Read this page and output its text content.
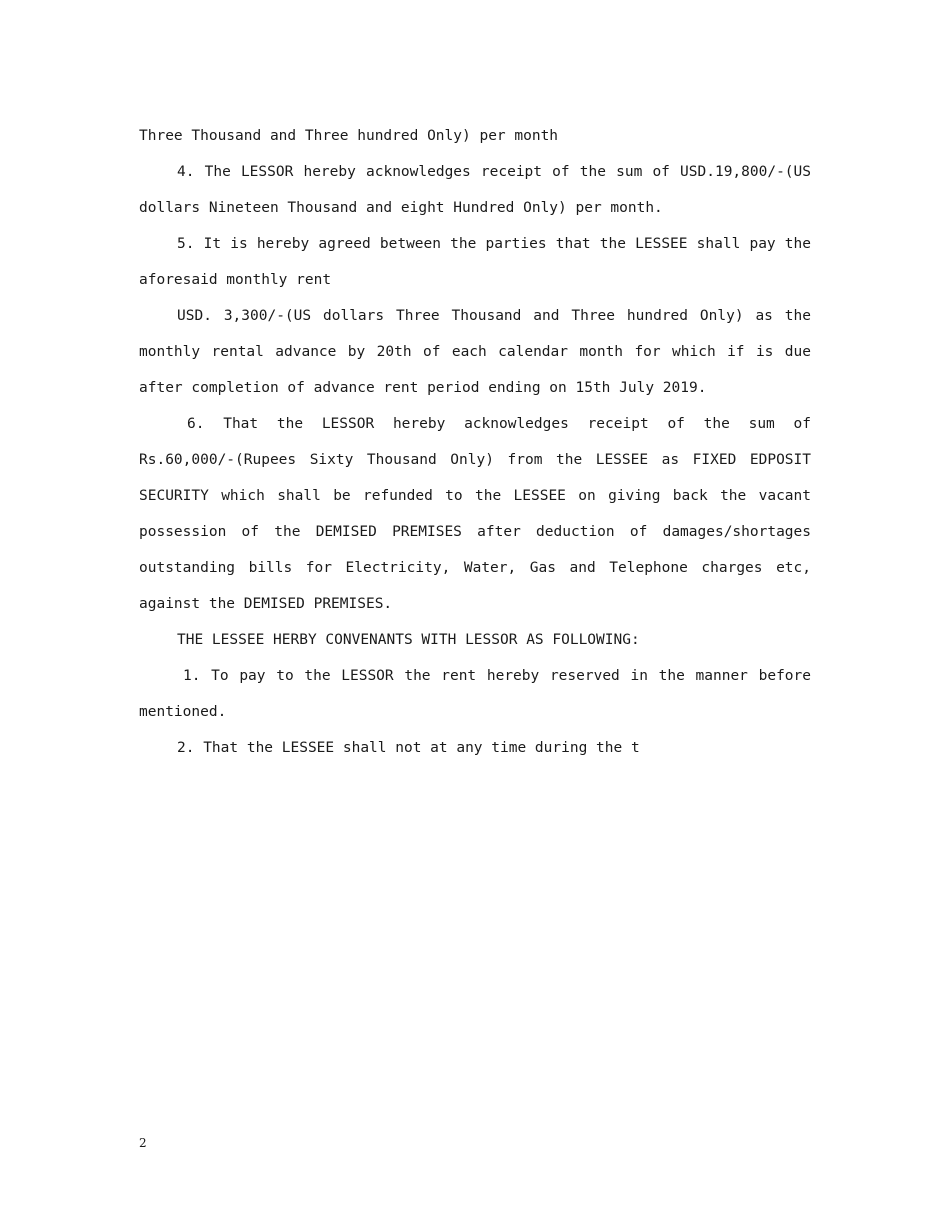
Three Thousand and Three hundred Only) per month

4. The LESSOR hereby acknowledges receipt of the sum of USD.19,800/-(US dollars Nineteen Thousand and eight Hundred Only) per month.

5. It is hereby agreed between the parties that the LESSEE shall pay the aforesaid monthly rent

USD. 3,300/-(US dollars Three Thousand and Three hundred Only) as the monthly rental advance by 20th of each calendar month for which if is due after completion of advance rent period ending on 15th July 2019.

6. That the LESSOR hereby acknowledges receipt of the sum of Rs.60,000/-(Rupees Sixty Thousand Only) from the LESSEE as FIXED EDPOSIT SECURITY which shall be refunded to the LESSEE on giving back the vacant possession of the DEMISED PREMISES after deduction of damages/shortages outstanding bills for Electricity, Water, Gas and Telephone charges etc, against the DEMISED PREMISES.

THE LESSEE HERBY CONVENANTS WITH LESSOR AS FOLLOWING:

1. To pay to the LESSOR the rent hereby reserved in the manner before mentioned.

2. That the LESSEE shall not at any time during the t

2
